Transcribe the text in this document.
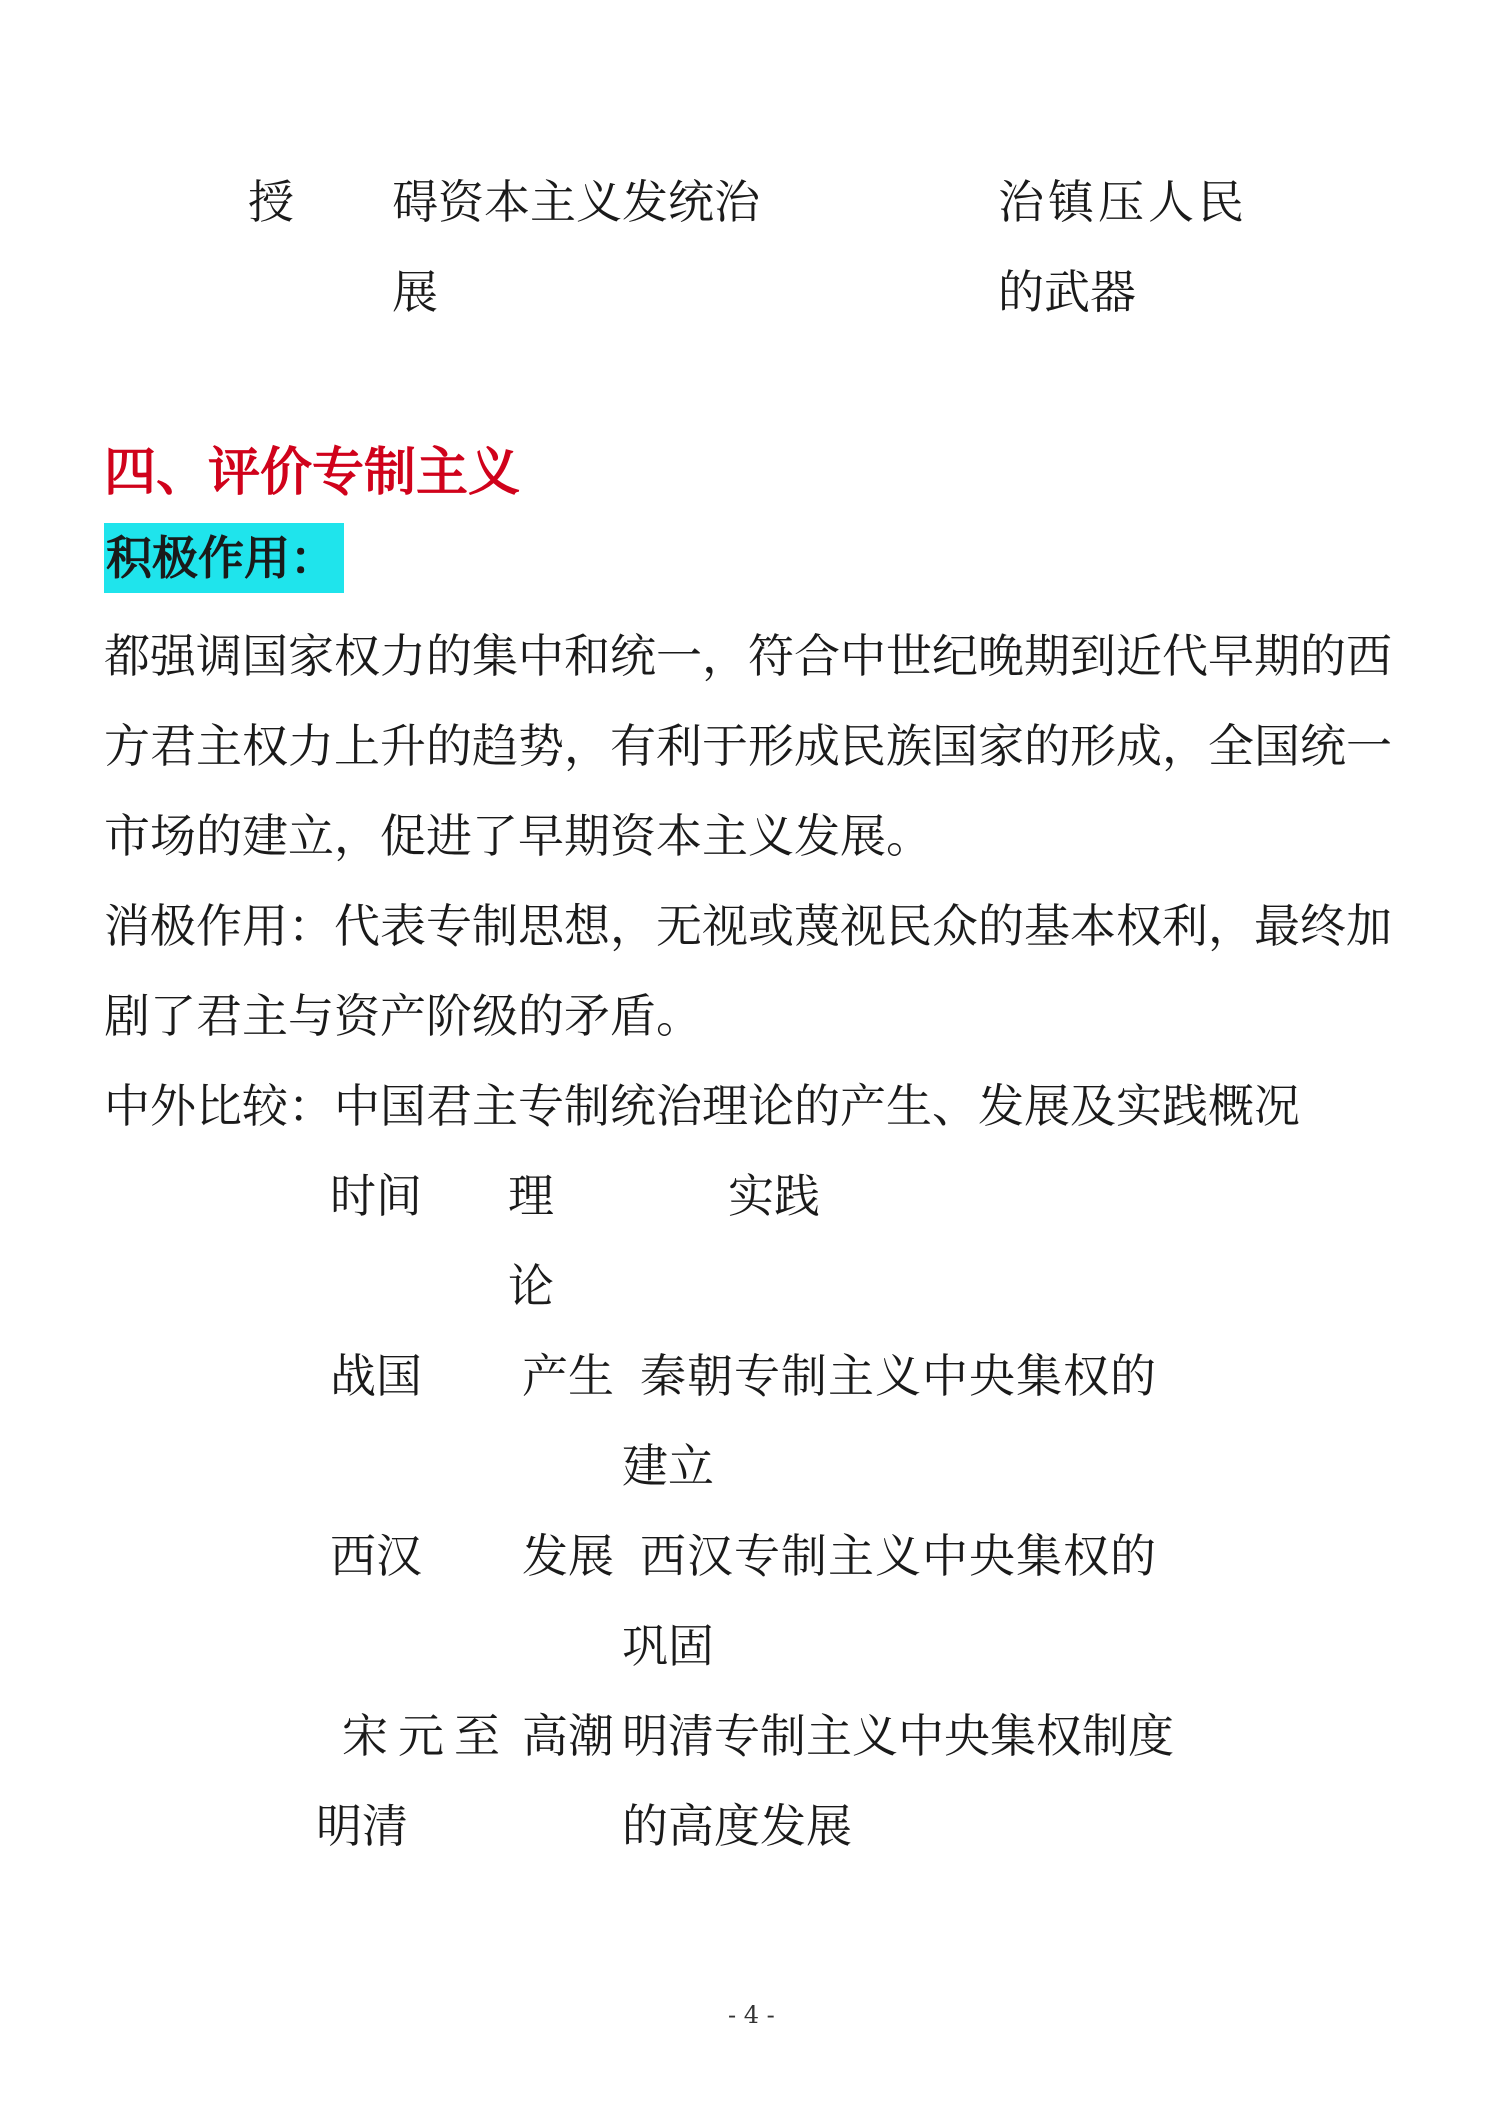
授 碍资本主义发统治
展
治镇压人民
的武器
四、评价专制主义
积极作用：
都强调国家权力的集中和统一，符合中世纪晚期到近代早期的西
方君主权力上升的趋势，有利于形成民族国家的形成，全国统一
市场的建立，促进了早期资本主义发展。
消极作用：代表专制思想，无视或蔑视民众的基本权利，最终加
剧了君主与资产阶级的矛盾。
中外比较：中国君主专制统治理论的产生、发展及实践概况
时间 理
论
实践
战国 产生 秦朝专制主义中央集权的
建立
西汉 发展 西汉专制主义中央集权的
巩固
宋元至
明清
高潮 明清专制主义中央集权制度
的高度发展
- 4 -
